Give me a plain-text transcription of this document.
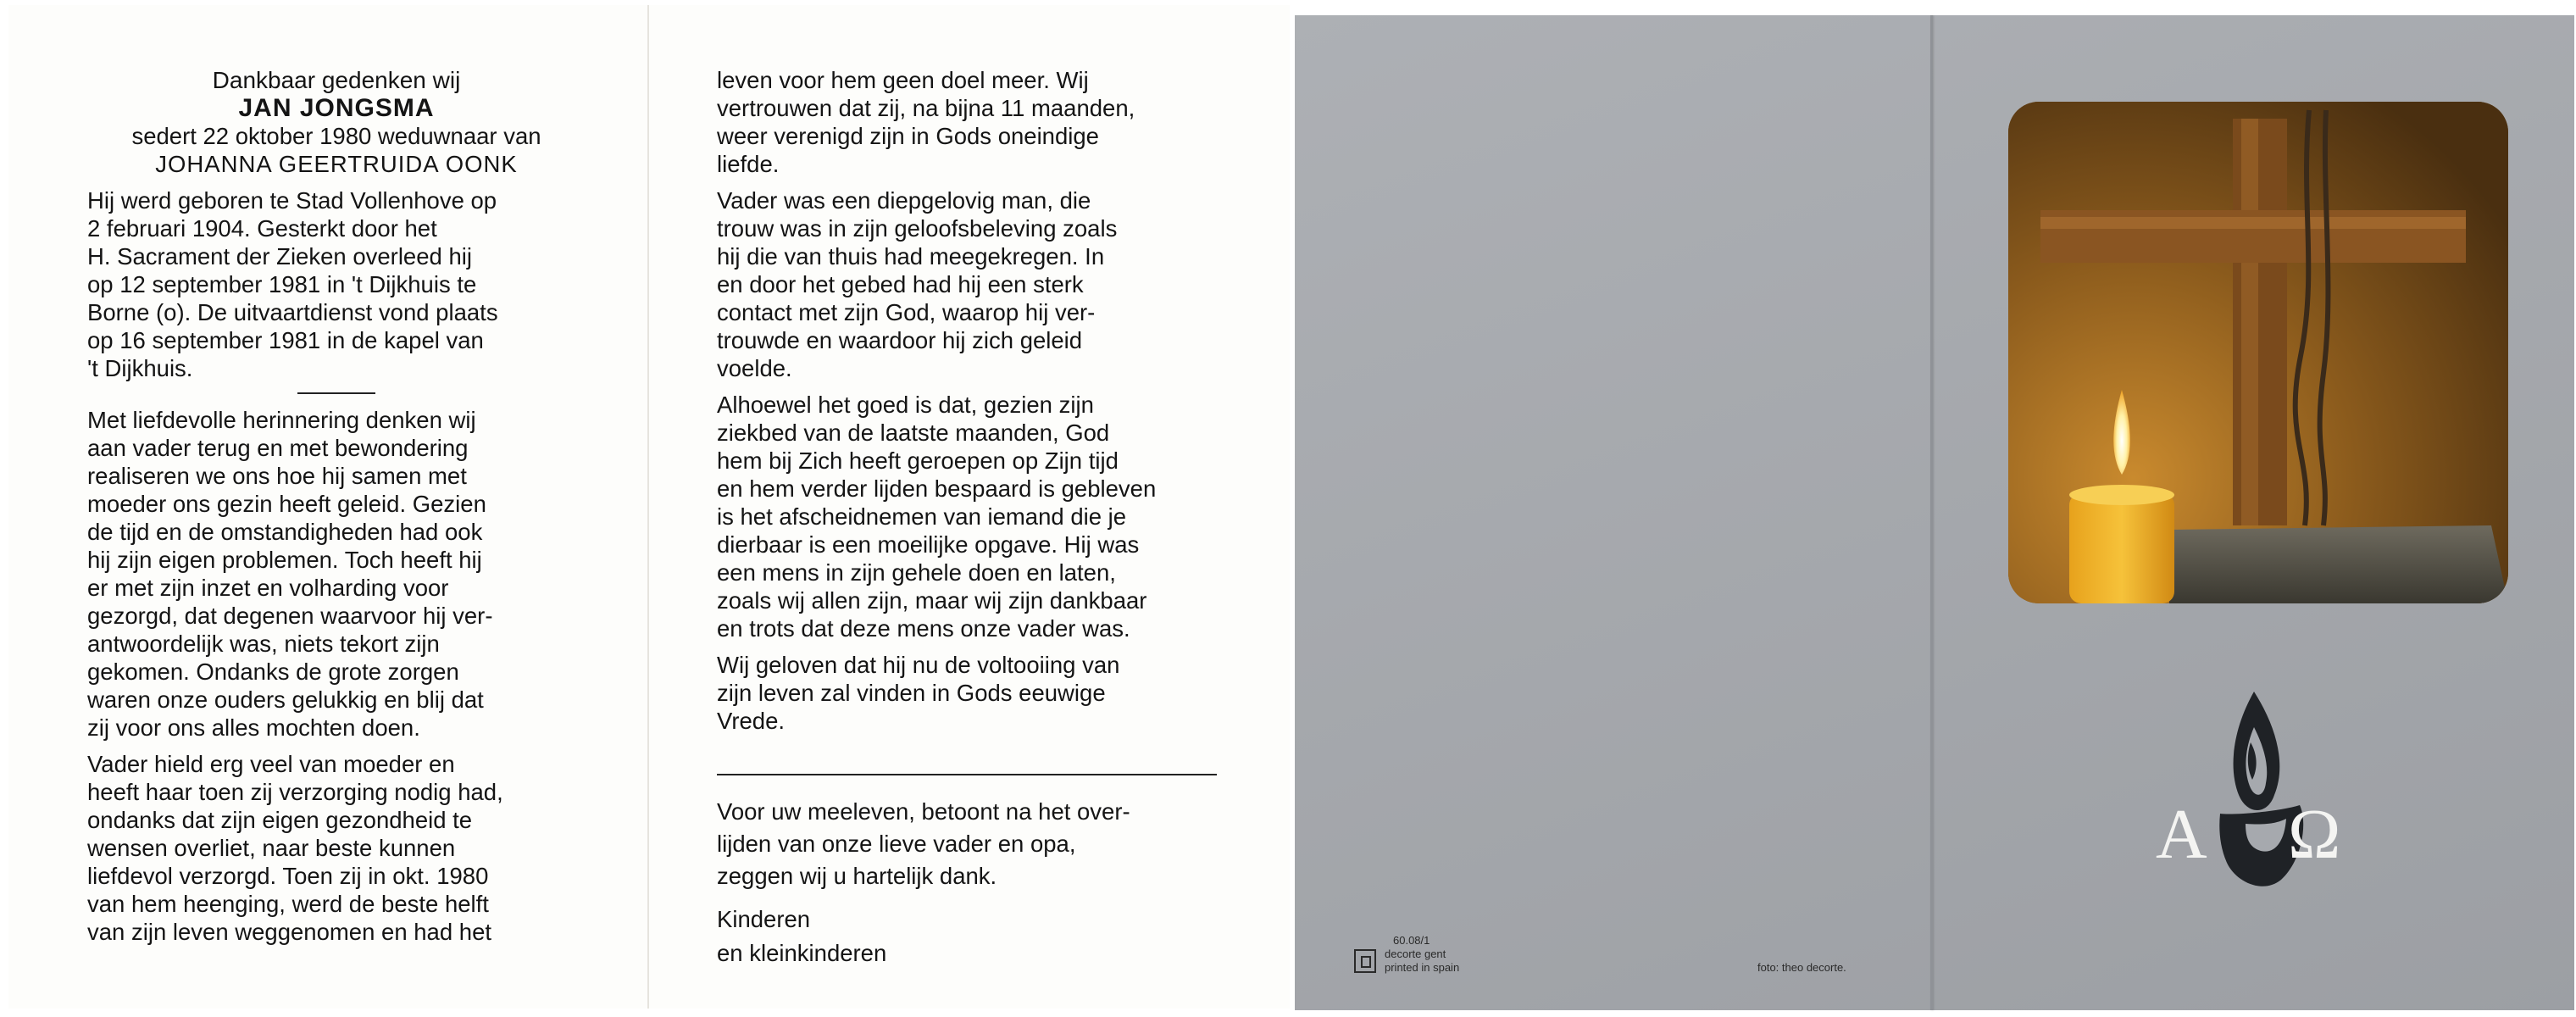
Dankbaar gedenken wij

JAN JONGSMA

sedert 22 oktober 1980 weduwnaar van

JOHANNA GEERTRUIDA OONK

Hij werd geboren te Stad Vollenhove op

2 februari 1904. Gesterkt door het

H. Sacrament der Zieken overleed hij

op 12 september 1981 in 't Dijkhuis te

Borne (o). De uitvaartdienst vond plaats

op 16 september 1981 in de kapel van

't Dijkhuis.

Met liefdevolle herinnering denken wij

aan vader terug en met bewondering

realiseren we ons hoe hij samen met

moeder ons gezin heeft geleid. Gezien

de tijd en de omstandigheden had ook

hij zijn eigen problemen. Toch heeft hij

er met zijn inzet en volharding voor

gezorgd, dat degenen waarvoor hij ver-

antwoordelijk was, niets tekort zijn

gekomen. Ondanks de grote zorgen

waren onze ouders gelukkig en blij dat

zij voor ons alles mochten doen.

Vader hield erg veel van moeder en

heeft haar toen zij verzorging nodig had,

ondanks dat zijn eigen gezondheid te

wensen overliet, naar beste kunnen

liefdevol verzorgd. Toen zij in okt. 1980

van hem heenging, werd de beste helft

van zijn leven weggenomen en had het

leven voor hem geen doel meer. Wij

vertrouwen dat zij, na bijna 11 maanden,

weer verenigd zijn in Gods oneindige

liefde.

Vader was een diepgelovig man, die

trouw was in zijn geloofsbeleving zoals

hij die van thuis had meegekregen. In

en door het gebed had hij een sterk

contact met zijn God, waarop hij ver-

trouwde en waardoor hij zich geleid

voelde.

Alhoewel het goed is dat, gezien zijn

ziekbed van de laatste maanden, God

hem bij Zich heeft geroepen op Zijn tijd

en hem verder lijden bespaard is gebleven

is het afscheidnemen van iemand die je

dierbaar is een moeilijke opgave. Hij was

een mens in zijn gehele doen en laten,

zoals wij allen zijn, maar wij zijn dankbaar

en trots dat deze mens onze vader was.

Wij geloven dat hij nu de voltooiing van

zijn leven zal vinden in Gods eeuwige

Vrede.

Voor uw meeleven, betoont na het over-

lijden van onze lieve vader en opa,

zeggen wij u hartelijk dank.

Kinderen

en kleinkinderen

A Ω
60.08/1
decorte gent
printed in spain	foto: theo decorte.
